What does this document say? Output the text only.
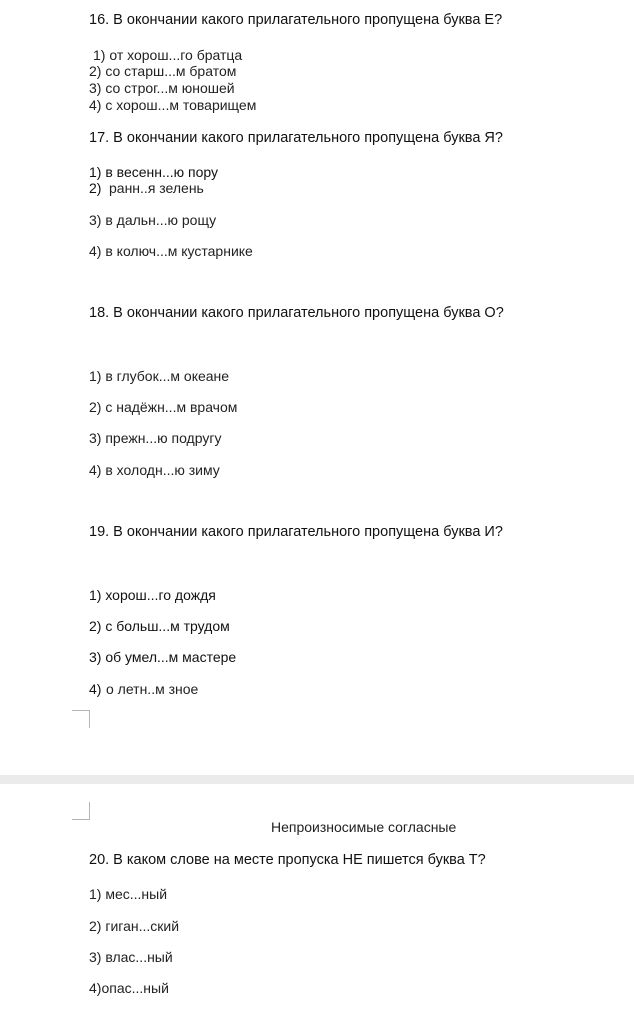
16. В окончании какого прилагательного пропущена буква Е?
1) от хорош...го братца
2) со старш...м братом
3) со строг...м юношей
4) с хорош...м товарищем
17. В окончании какого прилагательного пропущена буква Я?
1) в весенн...ю пору
2) ранн..я зелень
3) в дальн...ю рощу
4) в колюч...м кустарнике
18. В окончании какого прилагательного пропущена буква О?
1) в глубок...м океане
2) с надёжн...м врачом
3) прежн...ю подругу
4) в холодн...ю зиму
19. В окончании какого прилагательного пропущена буква И?
1) хорош...го дождя
2) с больш...м трудом
3) об умел...м мастере
4) о летн..м зное
Непроизносимые согласные
20. В каком слове на месте пропуска НЕ пишется буква Т?
1) мес...ный
2) гиган...ский
3) влас...ный
4)опас...ный
